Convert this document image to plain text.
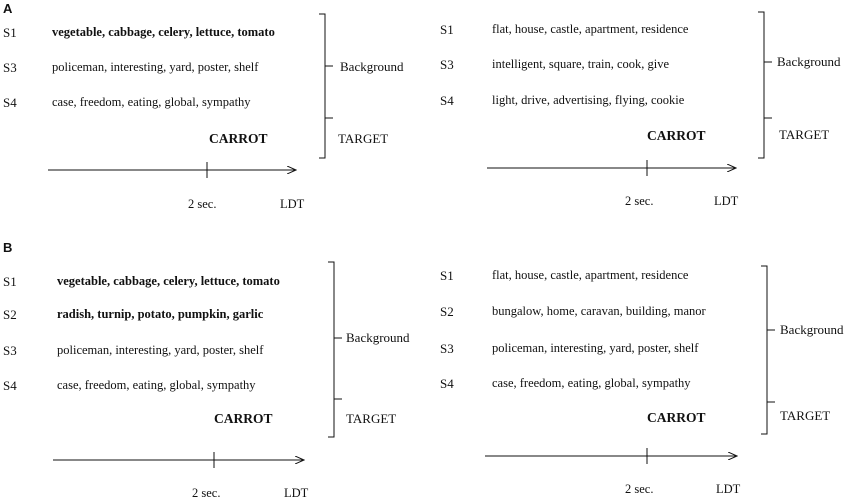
A
S1	vegetable, cabbage, celery, lettuce, tomato
S3	policeman, interesting, yard, poster, shelf
S4	case, freedom, eating, global, sympathy
CARROT
Background
TARGET
2 sec.	LDT
S1	flat, house, castle, apartment, residence
S3	intelligent, square, train, cook, give
S4	light, drive, advertising, flying, cookie
CARROT
Background
TARGET
2 sec.	LDT
B
S1	vegetable, cabbage, celery, lettuce, tomato
S2	radish, turnip, potato, pumpkin, garlic
S3	policeman, interesting, yard, poster, shelf
S4	case, freedom, eating, global, sympathy
CARROT
Background
TARGET
2 sec.	LDT
S1	flat, house, castle, apartment, residence
S2	bungalow, home, caravan, building, manor
S3	policeman, interesting, yard, poster, shelf
S4	case, freedom, eating, global, sympathy
CARROT
Background
TARGET
2 sec.	LDT
